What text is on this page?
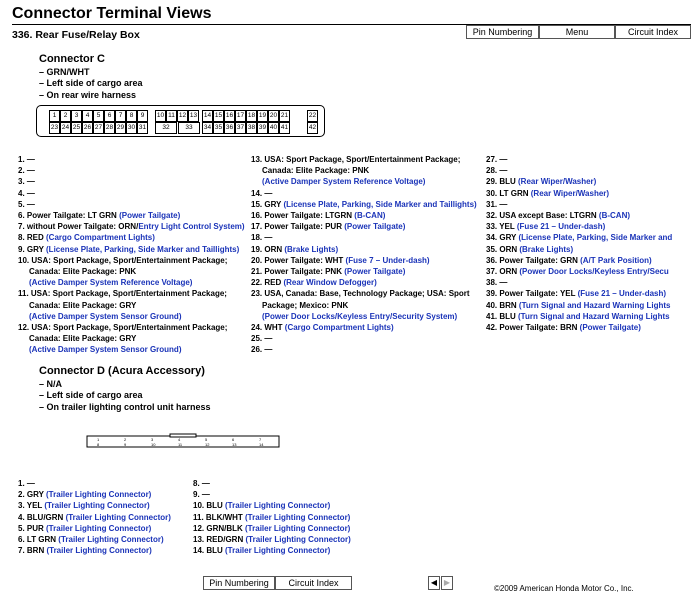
Connector Terminal Views
336. Rear Fuse/Relay Box	Pin Numbering	Menu	Circuit Index
Connector C
– GRN/WHT
– Left side of cargo area
– On rear wire harness
1	2	3	4	5	6	7	8	9	10 11 12 13 14 15 16 17 18 19 20 21	22
23 24 25 26 27 28 29 30 31	32	33	34 35 36 37 38 39 40 41	42
1. —
2. —
3. —
4. —
5. —
6. Power Tailgate: LT GRN (Power Tailgate)
7. without Power Tailgate: ORN/Entry Light Control System)
8. RED (Cargo Compartment Lights)
9. GRY (License Plate, Parking, Side Marker and Taillights)
10. USA: Sport Package, Sport/Entertainment Package;
Canada: Elite Package: PNK
(Active Damper System Reference Voltage)
11. USA: Sport Package, Sport/Entertainment Package;
Canada: Elite Package: GRY
(Active Damper System Sensor Ground)
12. USA: Sport Package, Sport/Entertainment Package;
Canada: Elite Package: GRY
(Active Damper System Sensor Ground)
13. USA: Sport Package, Sport/Entertainment Package;
Canada: Elite Package: PNK
(Active Damper System Reference Voltage)
14. —
15. GRY (License Plate, Parking, Side Marker and Taillights)
16. Power Tailgate: LTGRN (B-CAN)
17. Power Tailgate: PUR (Power Tailgate)
18. —
19. ORN (Brake Lights)
20. Power Tailgate: WHT (Fuse 7 – Under-dash)
21. Power Tailgate: PNK (Power Tailgate)
22. RED (Rear Window Defogger)
23. USA, Canada: Base, Technology Package; USA: Sport
Package; Mexico: PNK
(Power Door Locks/Keyless Entry/Security System)
24. WHT (Cargo Compartment Lights)
25. —
26. —
27. —
28. —
29. BLU (Rear Wiper/Washer)
30. LT GRN (Rear Wiper/Washer)
31. —
32. USA except Base: LTGRN (B-CAN)
33. YEL (Fuse 21 – Under-dash)
34. GRY (License Plate, Parking, Side Marker and
35. ORN (Brake Lights)
36. Power Tailgate: GRN (A/T Park Position)
37. ORN (Power Door Locks/Keyless Entry/Secu
38. —
39. Power Tailgate: YEL (Fuse 21 – Under-dash)
40. BRN (Turn Signal and Hazard Warning Lights
41. BLU (Turn Signal and Hazard Warning Lights
42. Power Tailgate: BRN (Power Tailgate)
Connector D (Acura Accessory)
– N/A
– Left side of cargo area
– On trailer lighting control unit harness
1	2	3	4	5	6	7
8	9	10	11	12	13	14
1. —
2. GRY (Trailer Lighting Connector)
3. YEL (Trailer Lighting Connector)
4. BLU/GRN (Trailer Lighting Connector)
5. PUR (Trailer Lighting Connector)
6. LT GRN (Trailer Lighting Connector)
7. BRN (Trailer Lighting Connector)
8. —
9. —
10. BLU (Trailer Lighting Connector)
11. BLK/WHT (Trailer Lighting Connector)
12. GRN/BLK (Trailer Lighting Connector)
13. RED/GRN (Trailer Lighting Connector)
14. BLU (Trailer Lighting Connector)
Pin Numbering	Circuit Index	◀ ▶
©2009 American Honda Motor Co., Inc.
